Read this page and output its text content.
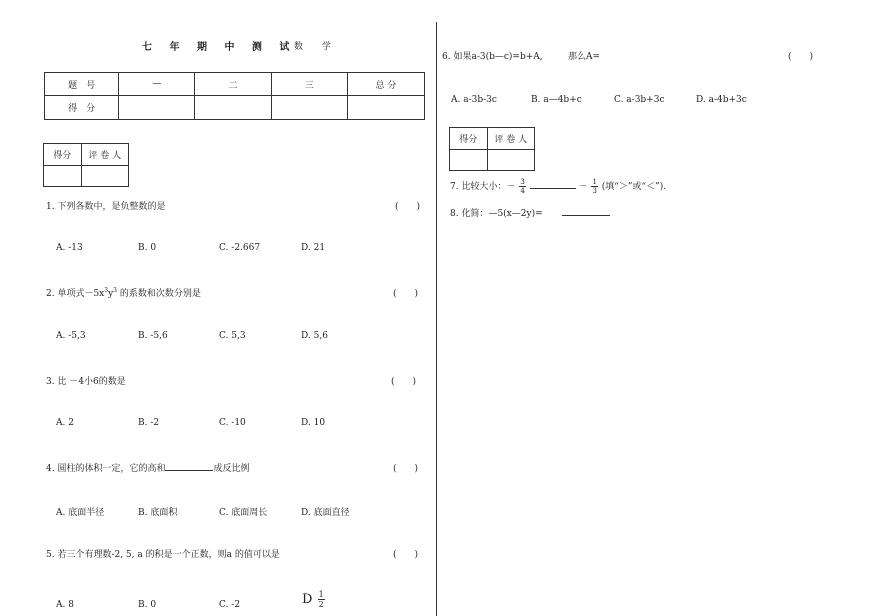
七 年 期 中 测 试
数 学
题　号	—	二	三	总 分
得　分				
得分	评 卷 人

1. 下列各数中，是负整数的是	(　　)
A. -13	B. 0	C. -2.667	D. 21
2. 单项式$-5x^3y^3$ 的系数和次数分别是	(　　)
A. -5,3	B. -5,6	C. 5,3	D. 5,6
3. 比 －4小6的数是	(　　)
A. 2	B. -2	C. -10	D. 10
4. 圆柱的体积一定，它的高和	成反比例	(　　)
A. 底面半径	B. 底面积	C. 底面周长	D. 底面直径
5. 若三个有理数-2, 5, a 的积是一个正数，则a 的值可以是	(　　)
A. 8	B. 0	C. -2	D $\frac{1}{2}$
6. 如果a-3(b—c)=b+A,	那么A=	(　　)
A. a-3b-3c	B. a—4b+c	C. a-3b+3c	D. a-4b+3c
得分	评 卷 人

7. 比较大小：－ $\frac{3}{4}$	－ $\frac{1}{3}$ (填“＞”或“＜”).
8. 化简：—5(x—2y)=
